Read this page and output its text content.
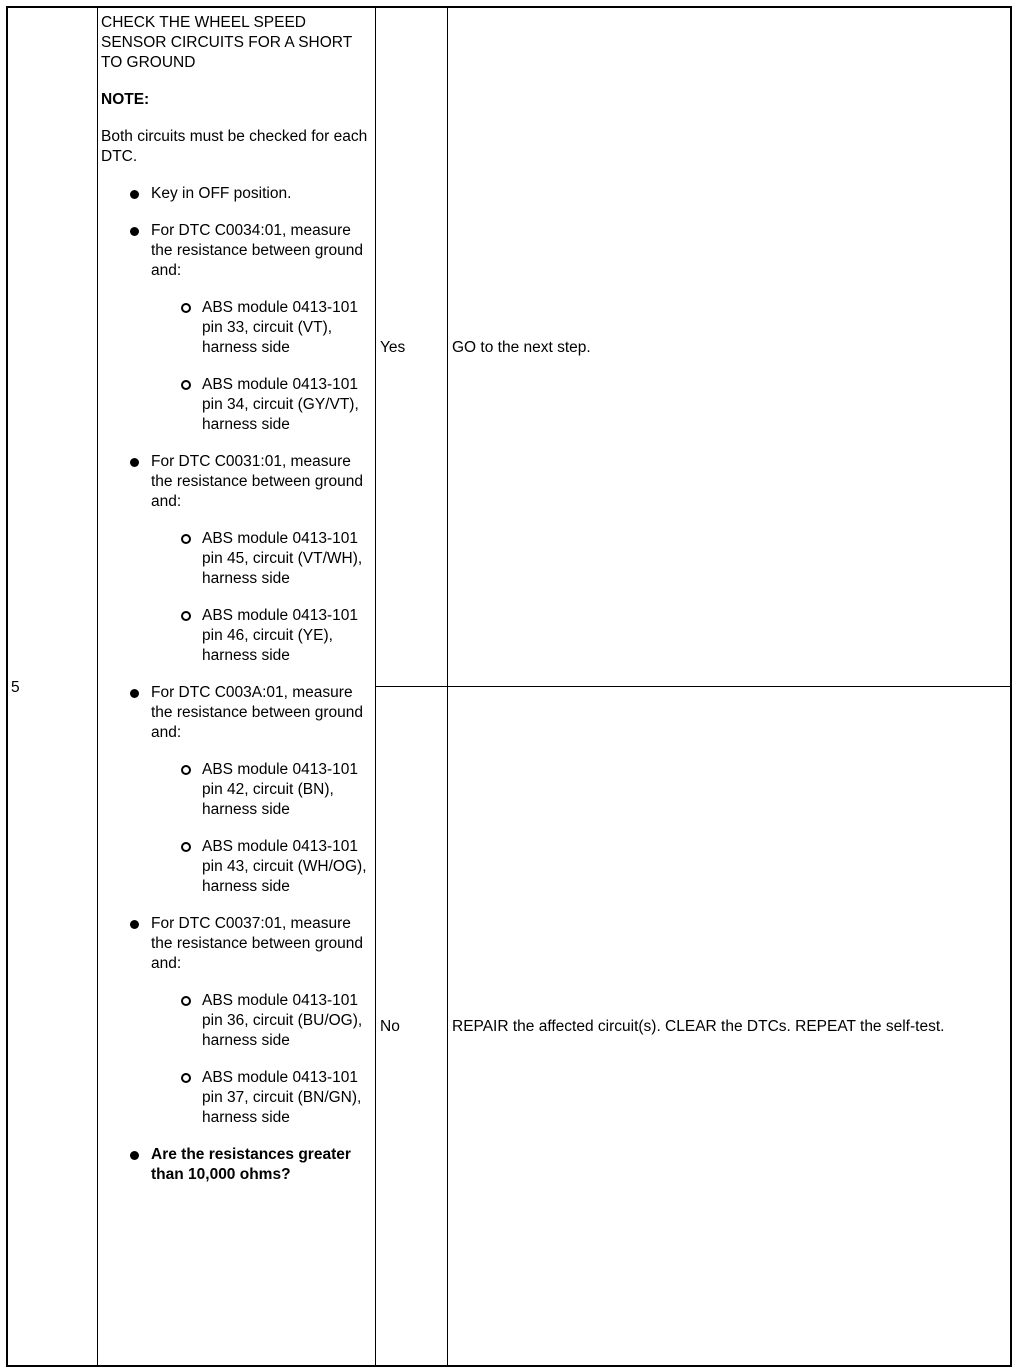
5

CHECK THE WHEEL SPEED SENSOR CIRCUITS FOR A SHORT TO GROUND

NOTE:

Both circuits must be checked for each DTC.

Key in OFF position.
For DTC C0034:01, measure the resistance between ground and:
ABS module 0413-101 pin 33, circuit (VT), harness side
ABS module 0413-101 pin 34, circuit (GY/VT), harness side
For DTC C0031:01, measure the resistance between ground and:
ABS module 0413-101 pin 45, circuit (VT/WH), harness side
ABS module 0413-101 pin 46, circuit (YE), harness side
For DTC C003A:01, measure the resistance between ground and:
ABS module 0413-101 pin 42, circuit (BN), harness side
ABS module 0413-101 pin 43, circuit (WH/OG), harness side
For DTC C0037:01, measure the resistance between ground and:
ABS module 0413-101 pin 36, circuit (BU/OG), harness side
ABS module 0413-101 pin 37, circuit (BN/GN), harness side
Are the resistances greater than 10,000 ohms?
Yes	GO to the next step.
No	REPAIR the affected circuit(s). CLEAR the DTCs. REPEAT the self-test.
